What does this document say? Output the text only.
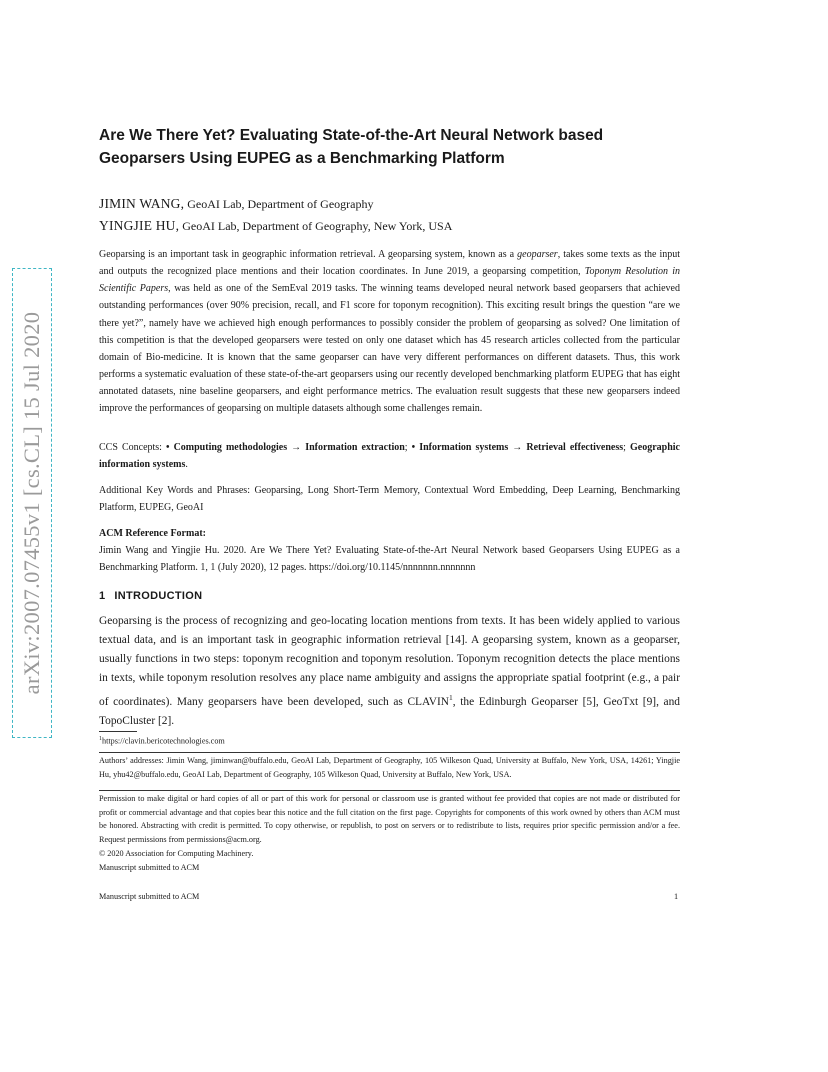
arXiv:2007.07455v1 [cs.CL] 15 Jul 2020
Are We There Yet? Evaluating State-of-the-Art Neural Network based Geoparsers Using EUPEG as a Benchmarking Platform
JIMIN WANG, GeoAI Lab, Department of Geography
YINGJIE HU, GeoAI Lab, Department of Geography, New York, USA

Geoparsing is an important task in geographic information retrieval. A geoparsing system, known as a geoparser, takes some texts as the input and outputs the recognized place mentions and their location coordinates. In June 2019, a geoparsing competition, Toponym Resolution in Scientific Papers, was held as one of the SemEval 2019 tasks. The winning teams developed neural network based geoparsers that achieved outstanding performances (over 90% precision, recall, and F1 score for toponym recognition). This exciting result brings the question “are we there yet?”, namely have we achieved high enough performances to possibly consider the problem of geoparsing as solved? One limitation of this competition is that the developed geoparsers were tested on only one dataset which has 45 research articles collected from the particular domain of Bio-medicine. It is known that the same geoparser can have very different performances on different datasets. Thus, this work performs a systematic evaluation of these state-of-the-art geoparsers using our recently developed benchmarking platform EUPEG that has eight annotated datasets, nine baseline geoparsers, and eight performance metrics. The evaluation result suggests that these new geoparsers indeed improve the performances of geoparsing on multiple datasets although some challenges remain.

CCS Concepts: • Computing methodologies → Information extraction; • Information systems → Retrieval effectiveness; Geographic information systems.

Additional Key Words and Phrases: Geoparsing, Long Short-Term Memory, Contextual Word Embedding, Deep Learning, Benchmarking Platform, EUPEG, GeoAI

ACM Reference Format:

Jimin Wang and Yingjie Hu. 2020. Are We There Yet? Evaluating State-of-the-Art Neural Network based Geoparsers Using EUPEG as a Benchmarking Platform. 1, 1 (July 2020), 12 pages. https://doi.org/10.1145/nnnnnnn.nnnnnnn

1 INTRODUCTION

Geoparsing is the process of recognizing and geo-locating location mentions from texts. It has been widely applied to various textual data, and is an important task in geographic information retrieval [14]. A geoparsing system, known as a geoparser, usually functions in two steps: toponym recognition and toponym resolution. Toponym recognition detects the place mentions in texts, while toponym resolution resolves any place name ambiguity and assigns the appropriate spatial footprint (e.g., a pair of coordinates). Many geoparsers have been developed, such as CLAVIN$^1$, the Edinburgh Geoparser [5], GeoTxt [9], and TopoCluster [2].

$^1$https://clavin.bericotechnologies.com

Authors’ addresses: Jimin Wang, jiminwan@buffalo.edu, GeoAI Lab, Department of Geography, 105 Wilkeson Quad, University at Buffalo, New York, USA, 14261; Yingjie Hu, yhu42@buffalo.edu, GeoAI Lab, Department of Geography, 105 Wilkeson Quad, University at Buffalo, New York, USA.

Permission to make digital or hard copies of all or part of this work for personal or classroom use is granted without fee provided that copies are not made or distributed for profit or commercial advantage and that copies bear this notice and the full citation on the first page. Copyrights for components of this work owned by others than ACM must be honored. Abstracting with credit is permitted. To copy otherwise, or republish, to post on servers or to redistribute to lists, requires prior specific permission and/or a fee. Request permissions from permissions@acm.org.

© 2020 Association for Computing Machinery.

Manuscript submitted to ACM

Manuscript submitted to ACM	1
